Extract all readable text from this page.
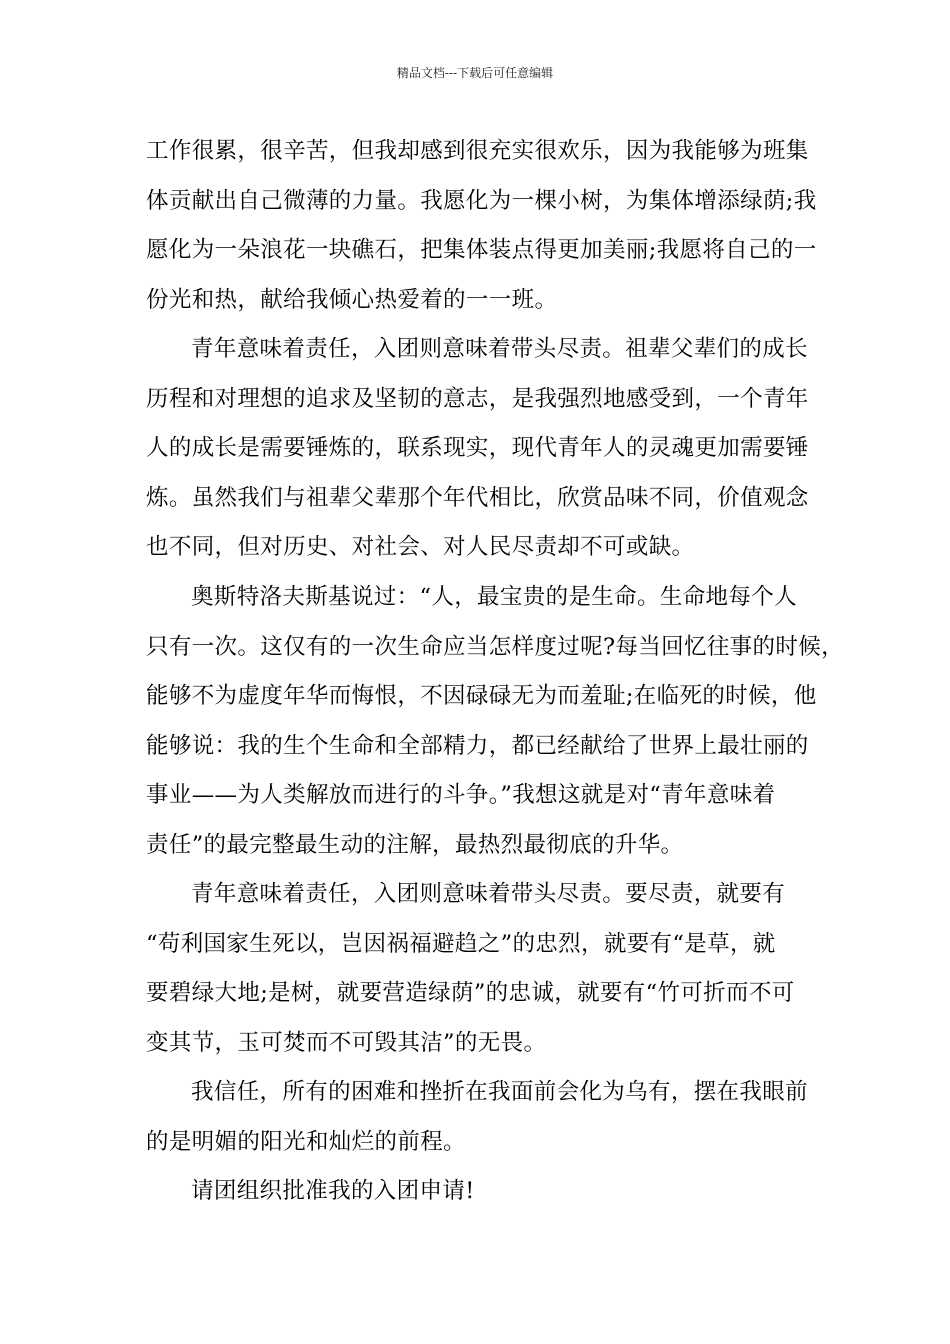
精品文档---下载后可任意编辑
工作很累，很辛苦，但我却感到很充实很欢乐，因为我能够为班集
体贡献出自己微薄的力量。我愿化为一棵小树，为集体增添绿荫;我
愿化为一朵浪花一块礁石，把集体装点得更加美丽;我愿将自己的一
份光和热，献给我倾心热爱着的一一班。
青年意味着责任，入团则意味着带头尽责。祖辈父辈们的成长
历程和对理想的追求及坚韧的意志，是我强烈地感受到，一个青年
人的成长是需要锤炼的，联系现实，现代青年人的灵魂更加需要锤
炼。虽然我们与祖辈父辈那个年代相比，欣赏品味不同，价值观念
也不同，但对历史、对社会、对人民尽责却不可或缺。
奥斯特洛夫斯基说过：“人，最宝贵的是生命。生命地每个人
只有一次。这仅有的一次生命应当怎样度过呢?每当回忆往事的时候，
能够不为虚度年华而悔恨，不因碌碌无为而羞耻;在临死的时候，他
能够说：我的生个生命和全部精力，都已经献给了世界上最壮丽的
事业——为人类解放而进行的斗争。”我想这就是对“青年意味着
责任”的最完整最生动的注解，最热烈最彻底的升华。
青年意味着责任，入团则意味着带头尽责。要尽责，就要有
“苟利国家生死以，岂因祸福避趋之”的忠烈，就要有“是草，就
要碧绿大地;是树，就要营造绿荫”的忠诚，就要有“竹可折而不可
变其节，玉可焚而不可毁其洁”的无畏。
我信任，所有的困难和挫折在我面前会化为乌有，摆在我眼前
的是明媚的阳光和灿烂的前程。
请团组织批准我的入团申请!
